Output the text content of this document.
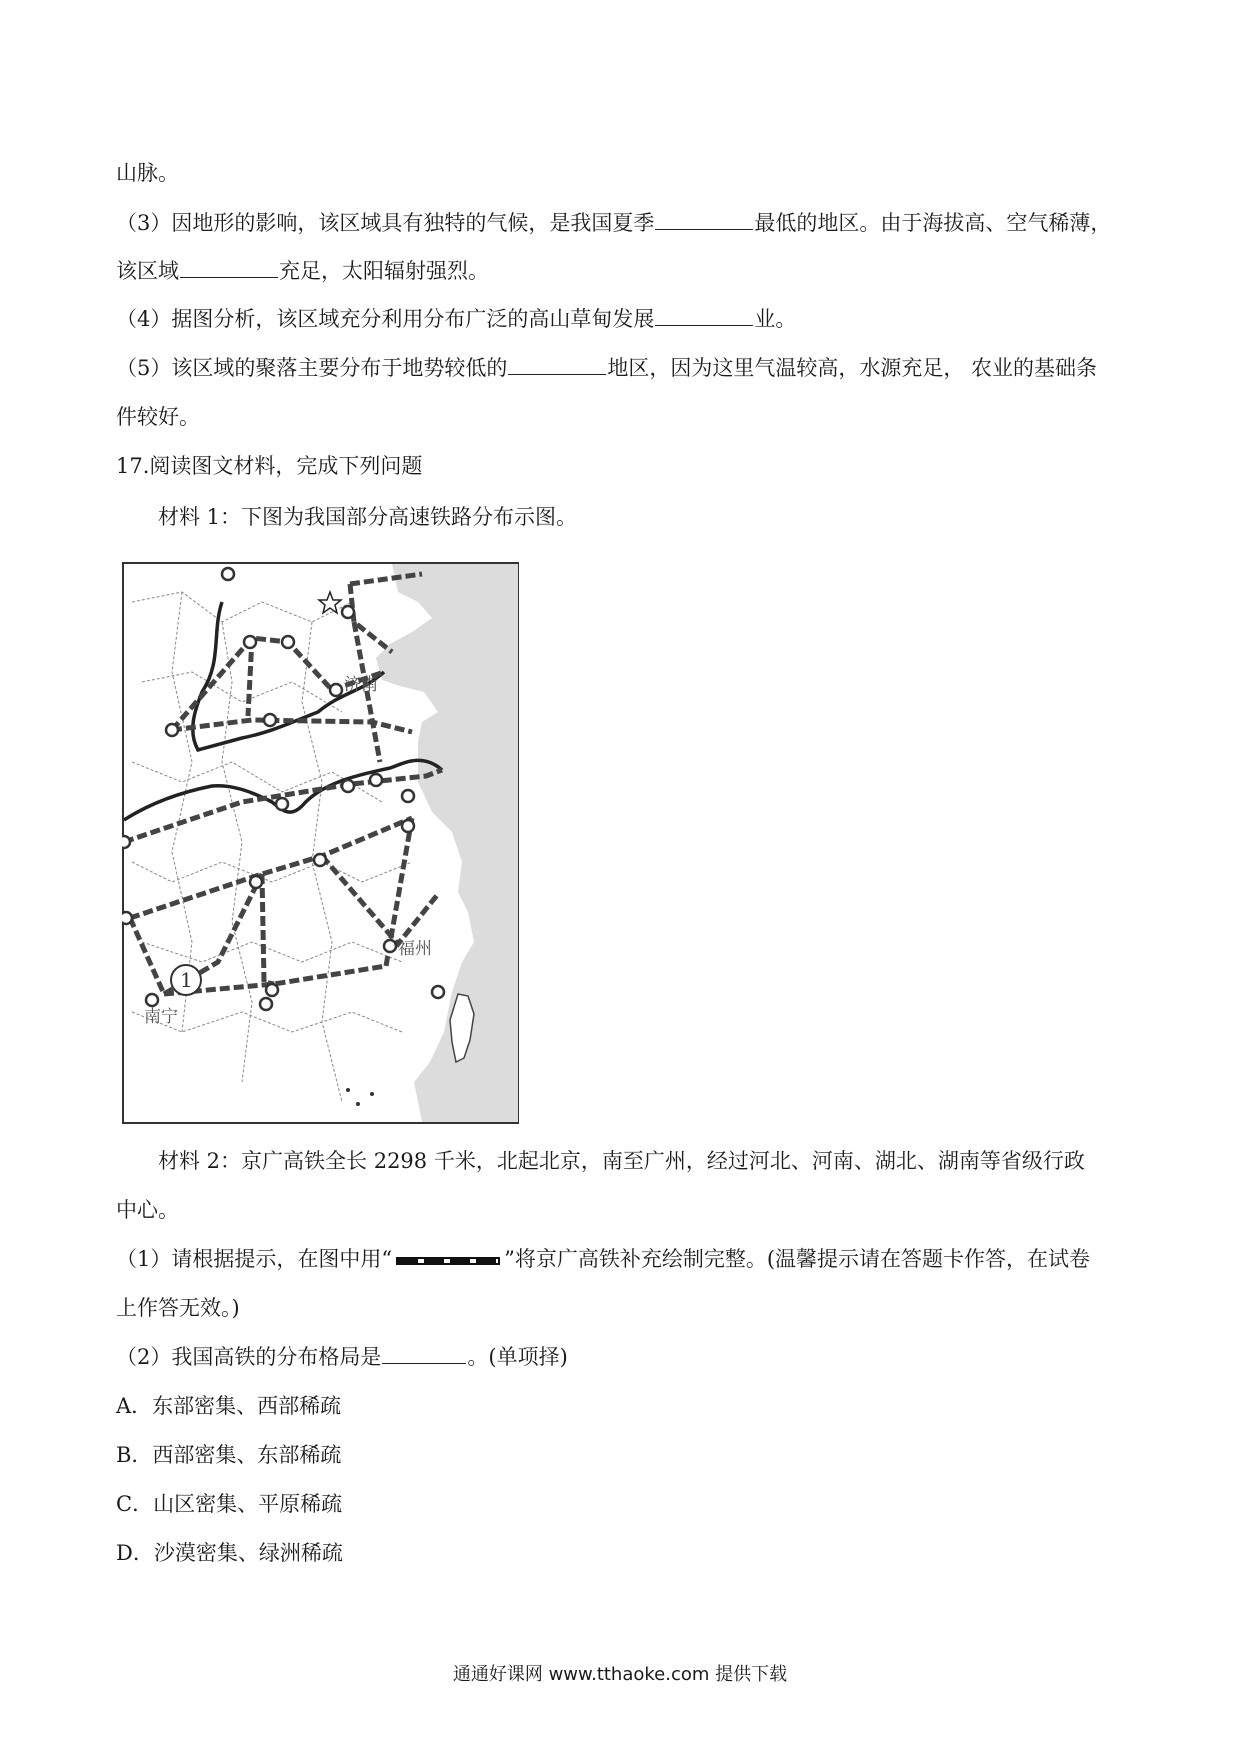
山脉。
（3）因地形的影响，该区域具有独特的气候，是我国夏季	最低的地区。由于海拔高、空气稀薄，
该区域	充足，太阳辐射强烈。
（4）据图分析，该区域充分利用分布广泛的高山草甸发展	业。
（5）该区域的聚落主要分布于地势较低的	地区，因为这里气温较高，水源充足， 农业的基础条
件较好。
17.阅读图文材料，完成下列问题
材料 1：下图为我国部分高速铁路分布示图。
济南
福州
南宁
1
材料 2：京广高铁全长 2298 千米，北起北京，南至广州，经过河北、河南、湖北、湖南等省级行政
中心。
（1）请根据提示，在图中用“	”将京广高铁补充绘制完整。(温馨提示请在答题卡作答，在试卷
上作答无效。)
（2）我国高铁的分布格局是	。(单项择)
A．东部密集、西部稀疏
B．西部密集、东部稀疏
C．山区密集、平原稀疏
D．沙漠密集、绿洲稀疏
通通好课网 www.tthaoke.com 提供下载
